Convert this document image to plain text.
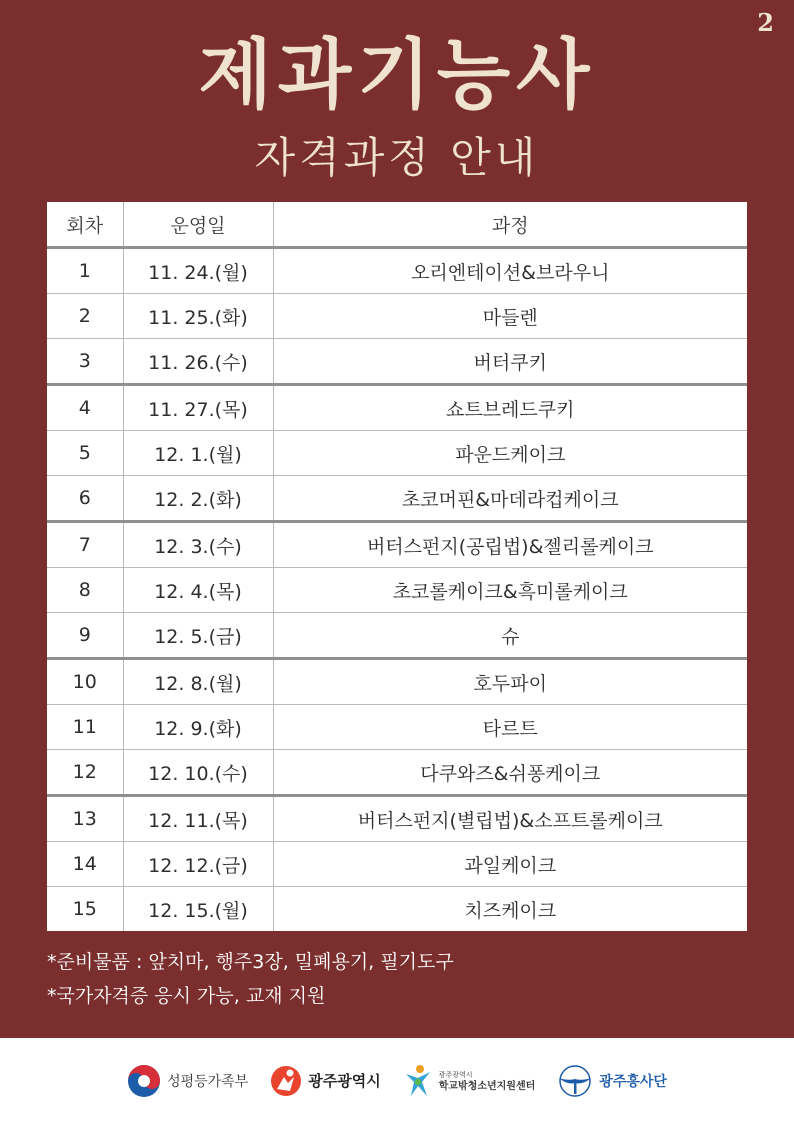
2
제과기능사
자격과정 안내
회차	운영일	과정
1	11. 24.(월)	오리엔테이션&브라우니
2	11. 25.(화)	마들렌
3	11. 26.(수)	버터쿠키
4	11. 27.(목)	쇼트브레드쿠키
5	12. 1.(월)	파운드케이크
6	12. 2.(화)	초코머핀&마데라컵케이크
7	12. 3.(수)	버터스펀지(공립법)&젤리롤케이크
8	12. 4.(목)	초코롤케이크&흑미롤케이크
9	12. 5.(금)	슈
10	12. 8.(월)	호두파이
11	12. 9.(화)	타르트
12	12. 10.(수)	다쿠와즈&쉬퐁케이크
13	12. 11.(목)	버터스펀지(별립법)&소프트롤케이크
14	12. 12.(금)	과일케이크
15	12. 15.(월)	치즈케이크
*준비물품 : 앞치마, 행주3장, 밀폐용기, 필기도구
*국가자격증 응시 가능, 교재 지원
성평등가족부	광주광역시	광주광역시
학교밖청소년지원센터	광주흥사단
